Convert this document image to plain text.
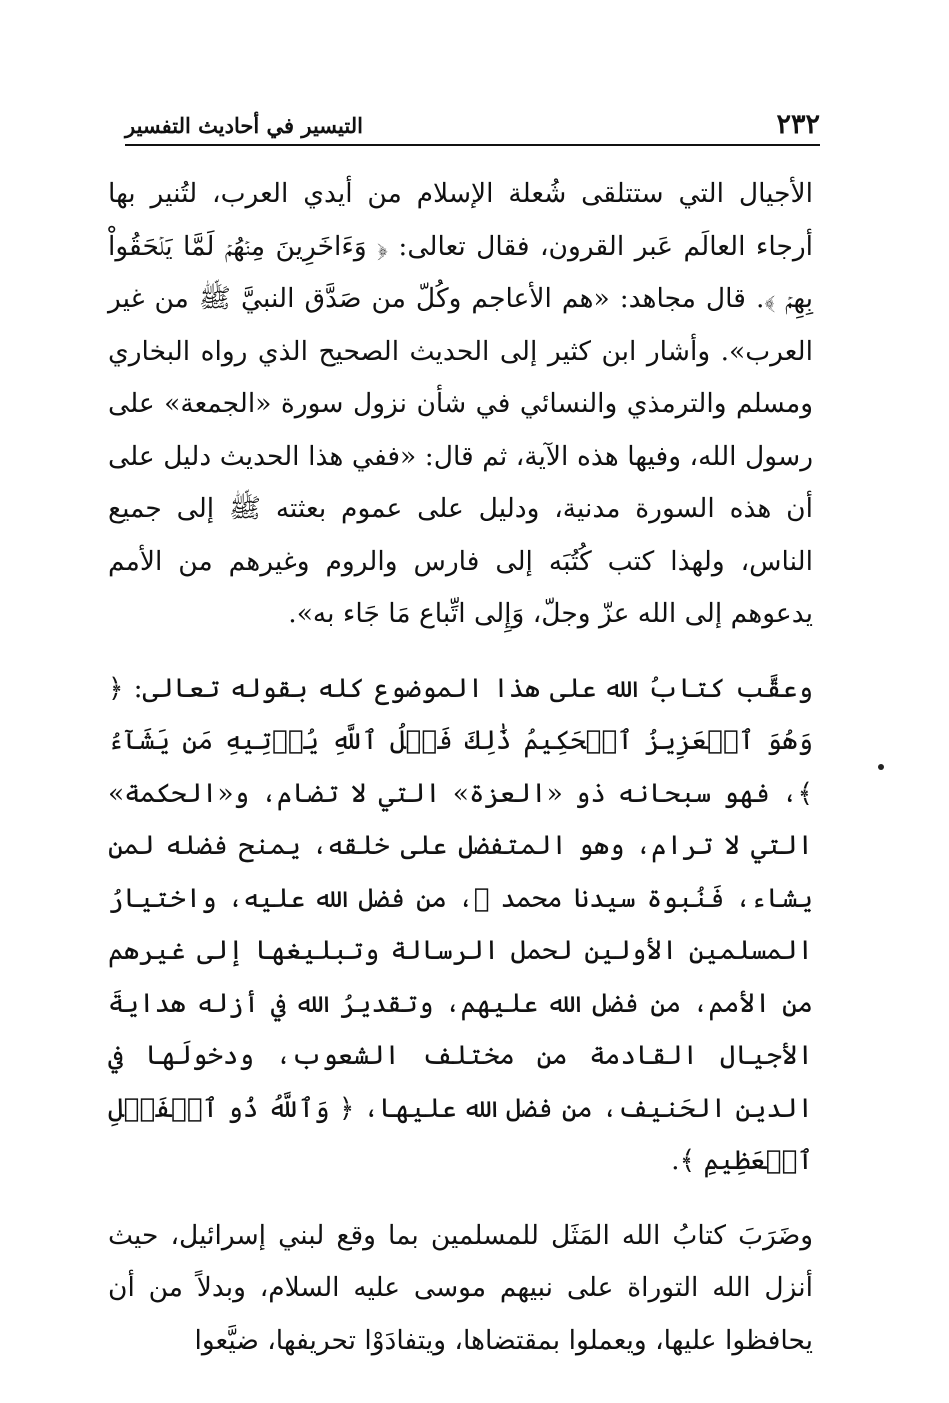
٢٣٢
التيسير في أحاديث التفسير

الأجيال التي ستتلقى شُعلة الإسلام من أيدي العرب، لتُنير بها أرجاء العالَم عَبر القرون، فقال تعالى: ﴿ وَءَاخَرِينَ مِنۡهُمۡ لَمَّا يَلۡحَقُواْ بِهِمۡ ﴾. قال مجاهد: «هم الأعاجم وكُلّ من صَدَّق النبيَّ ﷺ من غير العرب». وأشار ابن كثير إلى الحديث الصحيح الذي رواه البخاري ومسلم والترمذي والنسائي في شأن نزول سورة «الجمعة» على رسول الله، وفيها هذه الآية، ثم قال: «ففي هذا الحديث دليل على أن هذه السورة مدنية، ودليل على عموم بعثته ﷺ إلى جميع الناس، ولهذا كتب كُتُبَه إلى فارس والروم وغيرهم من الأمم يدعوهم إلى الله عزّ وجلّ، وَإِلى اتِّباع مَا جَاء به».

وعقَّب كتابُ الله على هذا الموضوع كله بقوله تعالى: ﴿ وَهُوَ ٱلۡعَزِيزُ ٱلۡحَكِيمُ ذَٰلِكَ فَضۡلُ ٱللَّهِ يُؤۡتِيهِ مَن يَشَآءُ ﴾، فهو سبحانه ذو «العزة» التي لا تضام، و«الحكمة» التي لا ترام، وهو المتفضل على خلقه، يمنح فضله لمن يشاء، فَنُبوة سيدنا محمد ﷺ، من فضل الله عليه، واختيارُ المسلمين الأولين لحمل الرسالة وتبليغها إلى غيرهم من الأمم، من فضل الله عليهم، وتقديرُ الله في أزله هدايةَ الأجيال القادمة من مختلف الشعوب، ودخولَها في الدين الحَنيف، من فضل الله عليها، ﴿ وَٱللَّهُ ذُو ٱلۡفَضۡلِ ٱلۡعَظِيمِ ﴾.

وضَرَبَ كتابُ الله المَثَل للمسلمين بما وقع لبني إسرائيل، حيث أنزل الله التوراة على نبيهم موسى عليه السلام، وبدلاً من أن يحافظوا عليها، ويعملوا بمقتضاها، ويتفادَوْا تحريفها، ضيَّعوا
